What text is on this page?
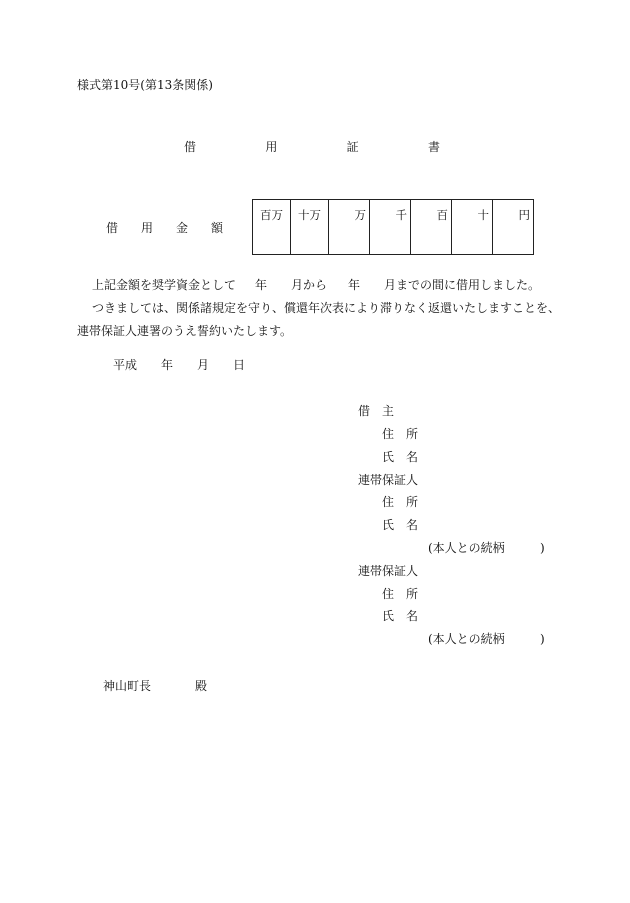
様式第10号(第13条関係)
借	用	証	書
借 用 金 額
百万	十万	万	千	百	十	円
上記金額を奨学資金として 年 月から 年 月までの間に借用しました。
つきましては、関係諸規定を守り、償還年次表により滞りなく返還いたしますことを、
連帯保証人連署のうえ誓約いたします。
平成 年 月 日
借　主
住　所
氏　名
連帯保証人
住　所
氏　名
(本人との続柄	)
連帯保証人
住　所
氏　名
(本人との続柄	)
神山町長	殿
